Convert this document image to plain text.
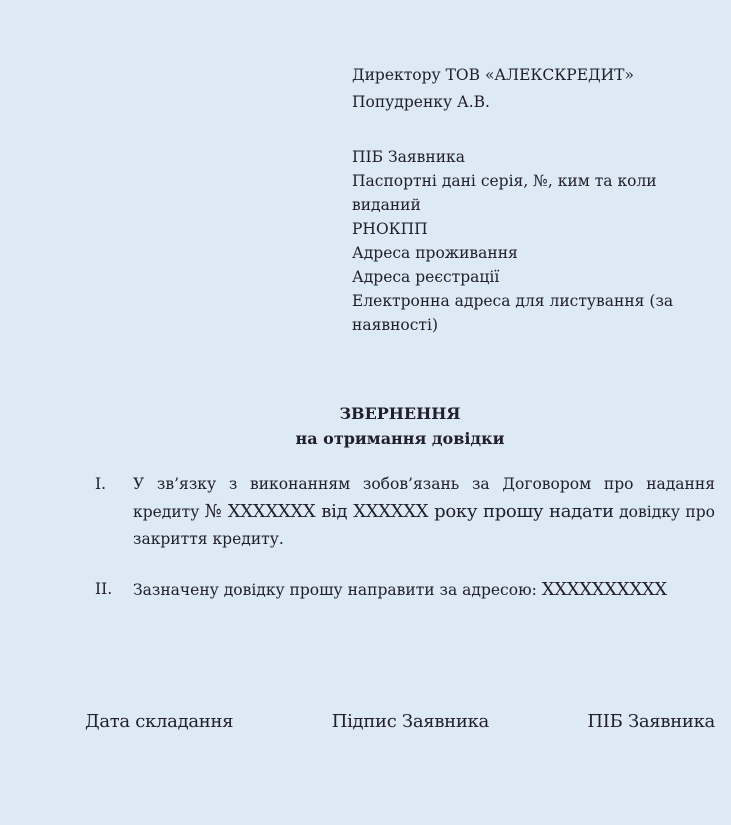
Директору ТОВ «АЛЕКСКРЕДИТ»
Попудренку А.В.
ПІБ Заявника
Паспортні дані серія, №, ким та коли виданий
РНОКПП
Адреса проживання
Адреса реєстрації
Електронна адреса для листування (за наявності)
ЗВЕРНЕННЯ
на отримання довідки
I.	У зв’язку з виконанням зобов’язань за Договором про надання кредиту № ХХХХХХХ від ХХХХХХ року прошу надати довідку про закриття кредиту.
II.	Зазначену довідку прошу направити за адресою: ХХХХХХХХХХ
Дата складання	Підпис Заявника	ПІБ Заявника
